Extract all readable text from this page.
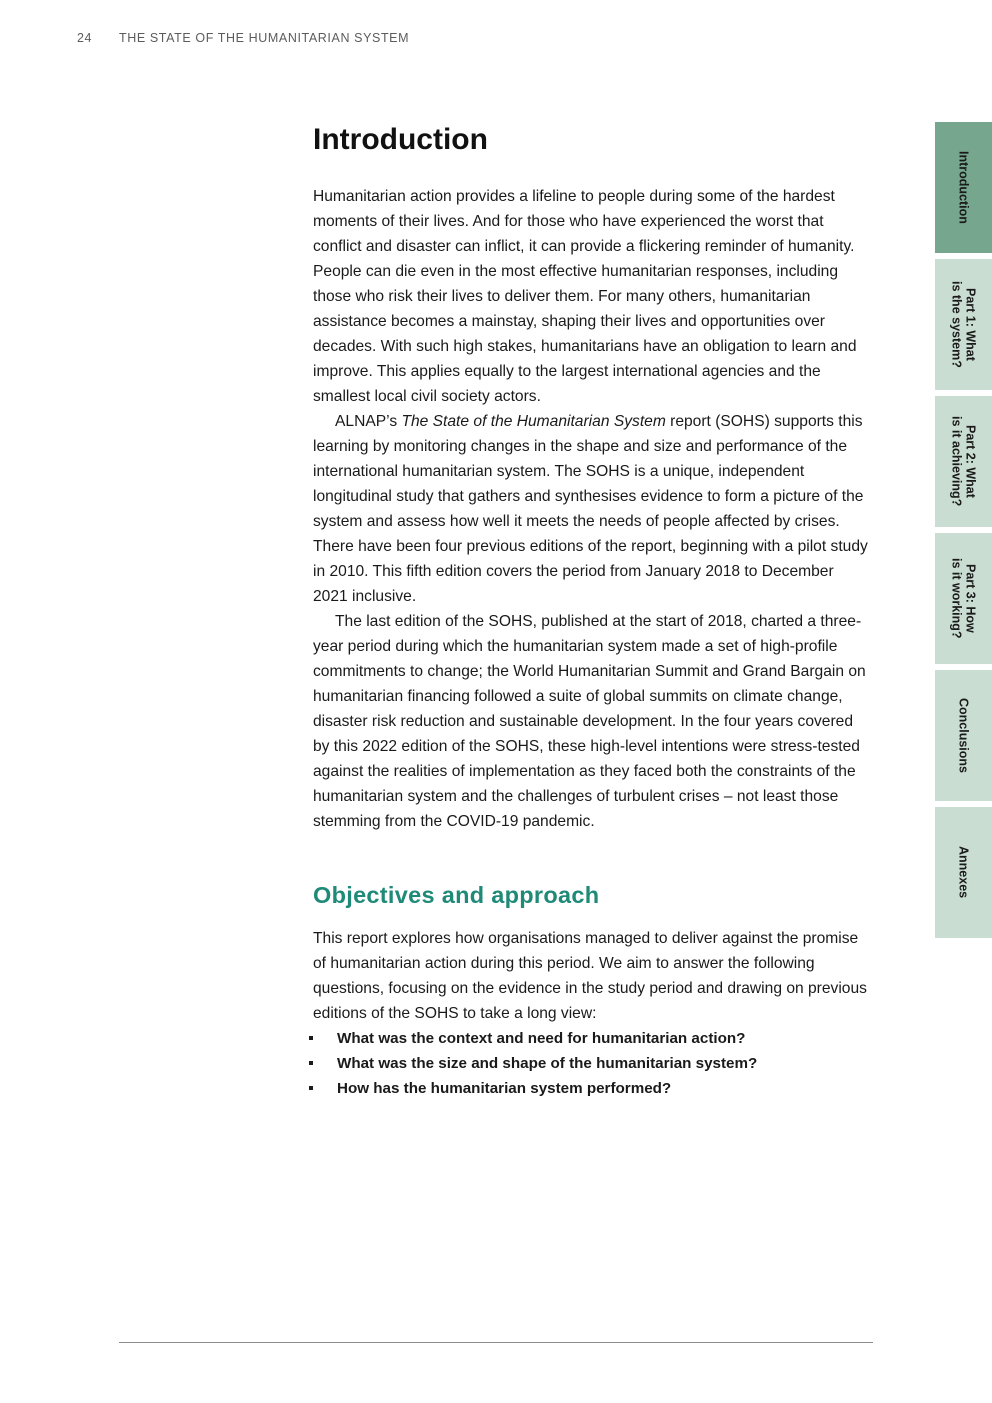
24 THE STATE OF THE HUMANITARIAN SYSTEM
Introduction

Humanitarian action provides a lifeline to people during some of the hardest moments of their lives. And for those who have experienced the worst that conflict and disaster can inflict, it can provide a flickering reminder of humanity. People can die even in the most effective humanitarian responses, including those who risk their lives to deliver them. For many others, humanitarian assistance becomes a mainstay, shaping their lives and opportunities over decades. With such high stakes, humanitarians have an obligation to learn and improve. This applies equally to the largest international agencies and the smallest local civil society actors.

ALNAP’s The State of the Humanitarian System report (SOHS) supports this learning by monitoring changes in the shape and size and performance of the international humanitarian system. The SOHS is a unique, independent longitudinal study that gathers and synthesises evidence to form a picture of the system and assess how well it meets the needs of people affected by crises. There have been four previous editions of the report, beginning with a pilot study in 2010. This fifth edition covers the period from January 2018 to December 2021 inclusive.

The last edition of the SOHS, published at the start of 2018, charted a three-year period during which the humanitarian system made a set of high-profile commitments to change; the World Humanitarian Summit and Grand Bargain on humanitarian financing followed a suite of global summits on climate change, disaster risk reduction and sustainable development. In the four years covered by this 2022 edition of the SOHS, these high-level intentions were stress-tested against the realities of implementation as they faced both the constraints of the humanitarian system and the challenges of turbulent crises – not least those stemming from the COVID-19 pandemic.

Objectives and approach

This report explores how organisations managed to deliver against the promise of humanitarian action during this period. We aim to answer the following questions, focusing on the evidence in the study period and drawing on previous editions of the SOHS to take a long view:

What was the context and need for humanitarian action?
What was the size and shape of the humanitarian system?
How has the humanitarian system performed?
Introduction
Part 1: What
is the system?
Part 2: What
is it achieving?
Part 3: How
is it working?
Conclusions
Annexes
